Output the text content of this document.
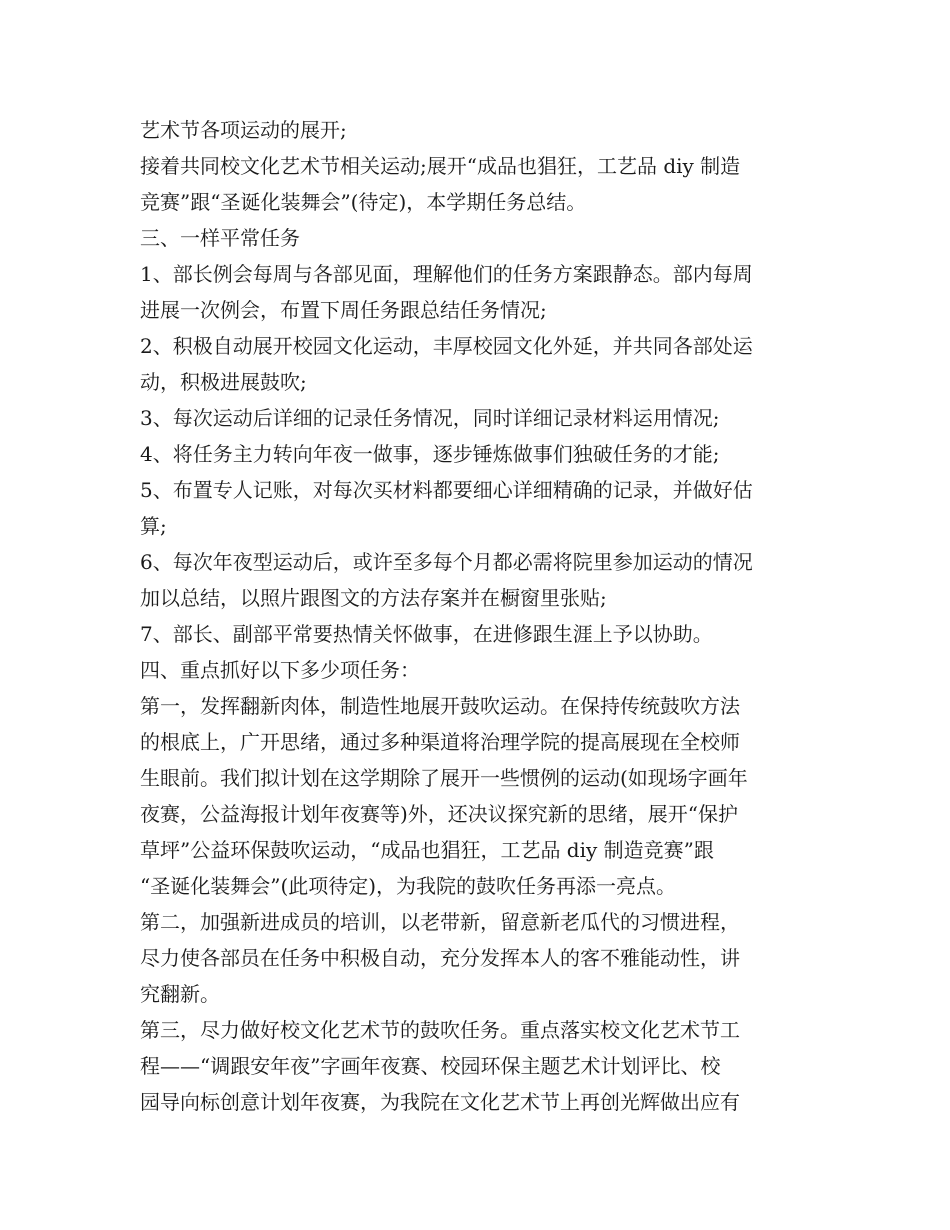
艺术节各项运动的展开;
接着共同校文化艺术节相关运动;展开“成品也猖狂，工艺品 diy 制造
竞赛”跟“圣诞化装舞会”(待定)，本学期任务总结。
三、一样平常任务
1、部长例会每周与各部见面，理解他们的任务方案跟静态。部内每周
进展一次例会，布置下周任务跟总结任务情况;
2、积极自动展开校园文化运动，丰厚校园文化外延，并共同各部处运
动，积极进展鼓吹;
3、每次运动后详细的记录任务情况，同时详细记录材料运用情况;
4、将任务主力转向年夜一做事，逐步锤炼做事们独破任务的才能;
5、布置专人记账，对每次买材料都要细心详细精确的记录，并做好估
算;
6、每次年夜型运动后，或许至多每个月都必需将院里参加运动的情况
加以总结，以照片跟图文的方法存案并在橱窗里张贴;
7、部长、副部平常要热情关怀做事，在进修跟生涯上予以协助。
四、重点抓好以下多少项任务：
第一，发挥翻新肉体，制造性地展开鼓吹运动。在保持传统鼓吹方法
的根底上，广开思绪，通过多种渠道将治理学院的提高展现在全校师
生眼前。我们拟计划在这学期除了展开一些惯例的运动(如现场字画年
夜赛，公益海报计划年夜赛等)外，还决议探究新的思绪，展开“保护
草坪”公益环保鼓吹运动，“成品也猖狂，工艺品 diy 制造竞赛”跟
“圣诞化装舞会”(此项待定)，为我院的鼓吹任务再添一亮点。
第二，加强新进成员的培训，以老带新，留意新老瓜代的习惯进程，
尽力使各部员在任务中积极自动，充分发挥本人的客不雅能动性，讲
究翻新。
第三，尽力做好校文化艺术节的鼓吹任务。重点落实校文化艺术节工
程——“调跟安年夜”字画年夜赛、校园环保主题艺术计划评比、校
园导向标创意计划年夜赛，为我院在文化艺术节上再创光辉做出应有
